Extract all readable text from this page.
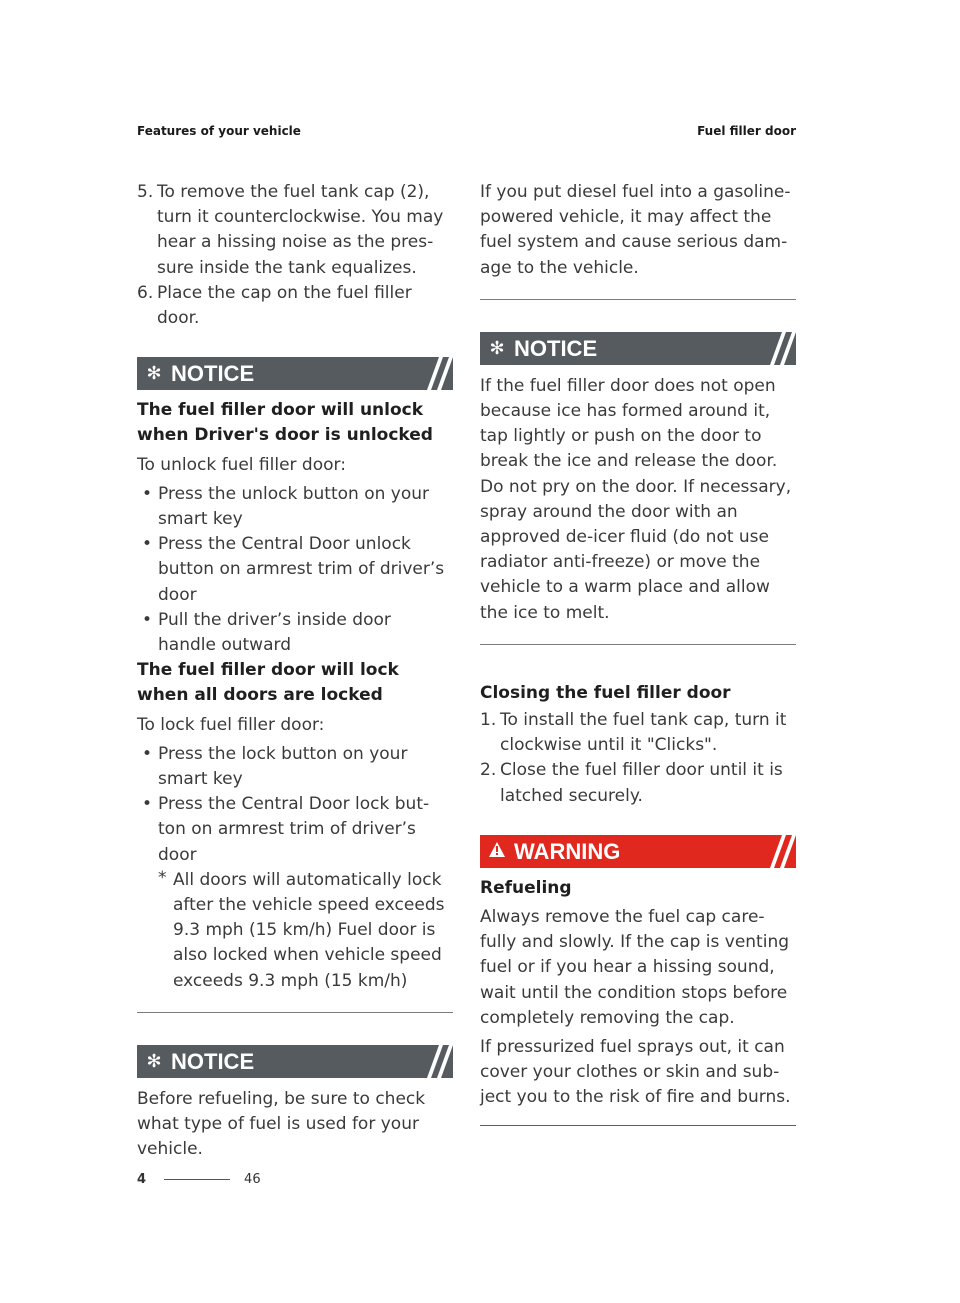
Features of your vehicle	Fuel filler door
5. To remove the fuel tank cap (2), turn it counterclockwise. You may hear a hissing noise as the pres-sure inside the tank equalizes.
6. Place the cap on the fuel filler door.
✻ NOTICE

The fuel filler door will unlock when Driver's door is unlocked

To unlock fuel filler door:

• Press the unlock button on your smart key
• Press the Central Door unlock button on armrest trim of driver’s door
• Pull the driver’s inside door handle outward

The fuel filler door will lock when all doors are locked

To lock fuel filler door:

• Press the lock button on your smart key
• Press the Central Door lock but-ton on armrest trim of driver’s door
* All doors will automatically lock after the vehicle speed exceeds 9.3 mph (15 km/h) Fuel door is also locked when vehicle speed exceeds 9.3 mph (15 km/h)
✻ NOTICE

Before refueling, be sure to check what type of fuel is used for your vehicle.

If you put diesel fuel into a gasoline-powered vehicle, it may affect the fuel system and cause serious dam-age to the vehicle.

✻ NOTICE

If the fuel filler door does not open because ice has formed around it, tap lightly or push on the door to break the ice and release the door. Do not pry on the door. If necessary, spray around the door with an approved de-icer fluid (do not use radiator anti-freeze) or move the vehicle to a warm place and allow the ice to melt.

Closing the fuel filler door
1. To install the fuel tank cap, turn it clockwise until it "Clicks".
2. Close the fuel filler door until it is latched securely.
WARNING

Refueling

Always remove the fuel cap care-fully and slowly. If the cap is venting fuel or if you hear a hissing sound, wait until the condition stops before completely removing the cap.

If pressurized fuel sprays out, it can cover your clothes or skin and sub-ject you to the risk of fire and burns.

4	46
